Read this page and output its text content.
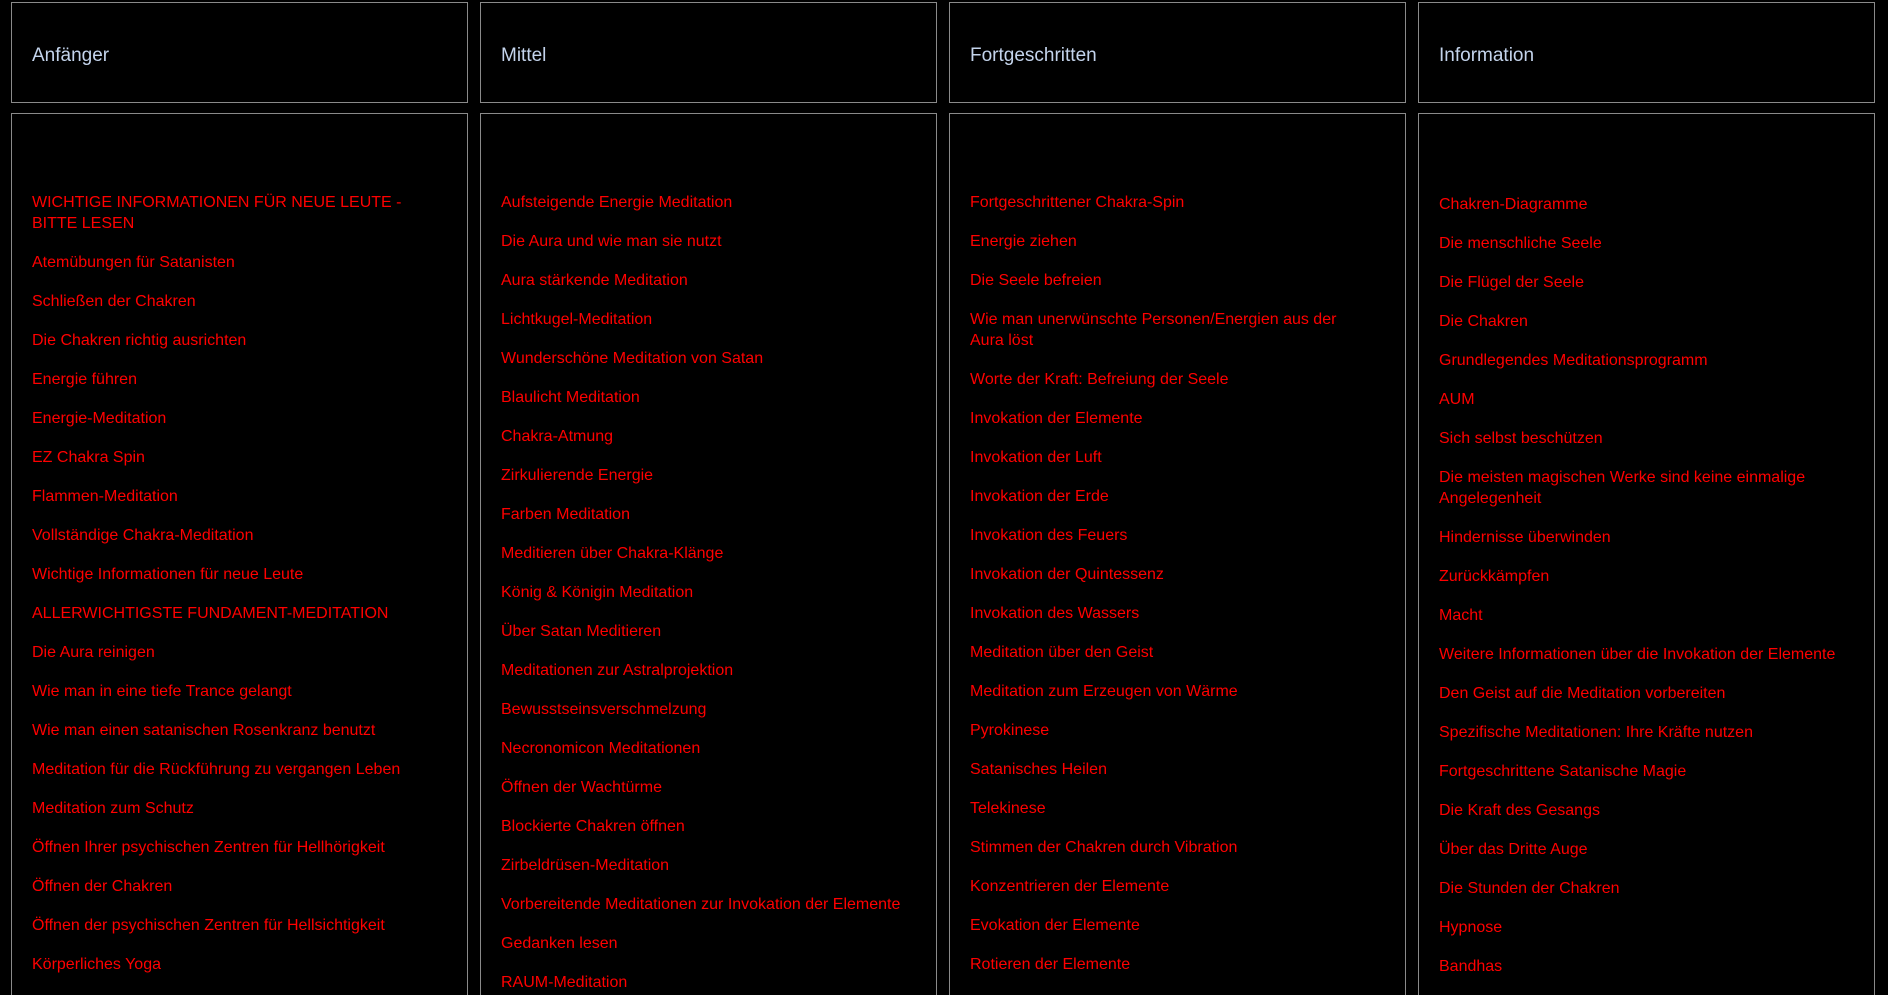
Anfänger
WICHTIGE INFORMATIONEN FÜR NEUE LEUTE - BITTE LESEN
Atemübungen für Satanisten
Schließen der Chakren
Die Chakren richtig ausrichten
Energie führen
Energie-Meditation
EZ Chakra Spin
Flammen-Meditation
Vollständige Chakra-Meditation
Wichtige Informationen für neue Leute
ALLERWICHTIGSTE FUNDAMENT-MEDITATION
Die Aura reinigen
Wie man in eine tiefe Trance gelangt
Wie man einen satanischen Rosenkranz benutzt
Meditation für die Rückführung zu vergangen Leben
Meditation zum Schutz
Öffnen Ihrer psychischen Zentren für Hellhörigkeit
Öffnen der Chakren
Öffnen der psychischen Zentren für Hellsichtigkeit
Körperliches Yoga
Mittel
Aufsteigende Energie Meditation
Die Aura und wie man sie nutzt
Aura stärkende Meditation
Lichtkugel-Meditation
Wunderschöne Meditation von Satan
Blaulicht Meditation
Chakra-Atmung
Zirkulierende Energie
Farben Meditation
Meditieren über Chakra-Klänge
König & Königin Meditation
Über Satan Meditieren
Meditationen zur Astralprojektion
Bewusstseinsverschmelzung
Necronomicon Meditationen
Öffnen der Wachtürme
Blockierte Chakren öffnen
Zirbeldrüsen-Meditation
Vorbereitende Meditationen zur Invokation der Elemente
Gedanken lesen
RAUM-Meditation
Fortgeschritten
Fortgeschrittener Chakra-Spin
Energie ziehen
Die Seele befreien
Wie man unerwünschte Personen/Energien aus der Aura löst
Worte der Kraft: Befreiung der Seele
Invokation der Elemente
Invokation der Luft
Invokation der Erde
Invokation des Feuers
Invokation der Quintessenz
Invokation des Wassers
Meditation über den Geist
Meditation zum Erzeugen von Wärme
Pyrokinese
Satanisches Heilen
Telekinese
Stimmen der Chakren durch Vibration
Konzentrieren der Elemente
Evokation der Elemente
Rotieren der Elemente
Information
Chakren-Diagramme
Die menschliche Seele
Die Flügel der Seele
Die Chakren
Grundlegendes Meditationsprogramm
AUM
Sich selbst beschützen
Die meisten magischen Werke sind keine einmalige Angelegenheit
Hindernisse überwinden
Zurückkämpfen
Macht
Weitere Informationen über die Invokation der Elemente
Den Geist auf die Meditation vorbereiten
Spezifische Meditationen: Ihre Kräfte nutzen
Fortgeschrittene Satanische Magie
Die Kraft des Gesangs
Über das Dritte Auge
Die Stunden der Chakren
Hypnose
Bandhas
